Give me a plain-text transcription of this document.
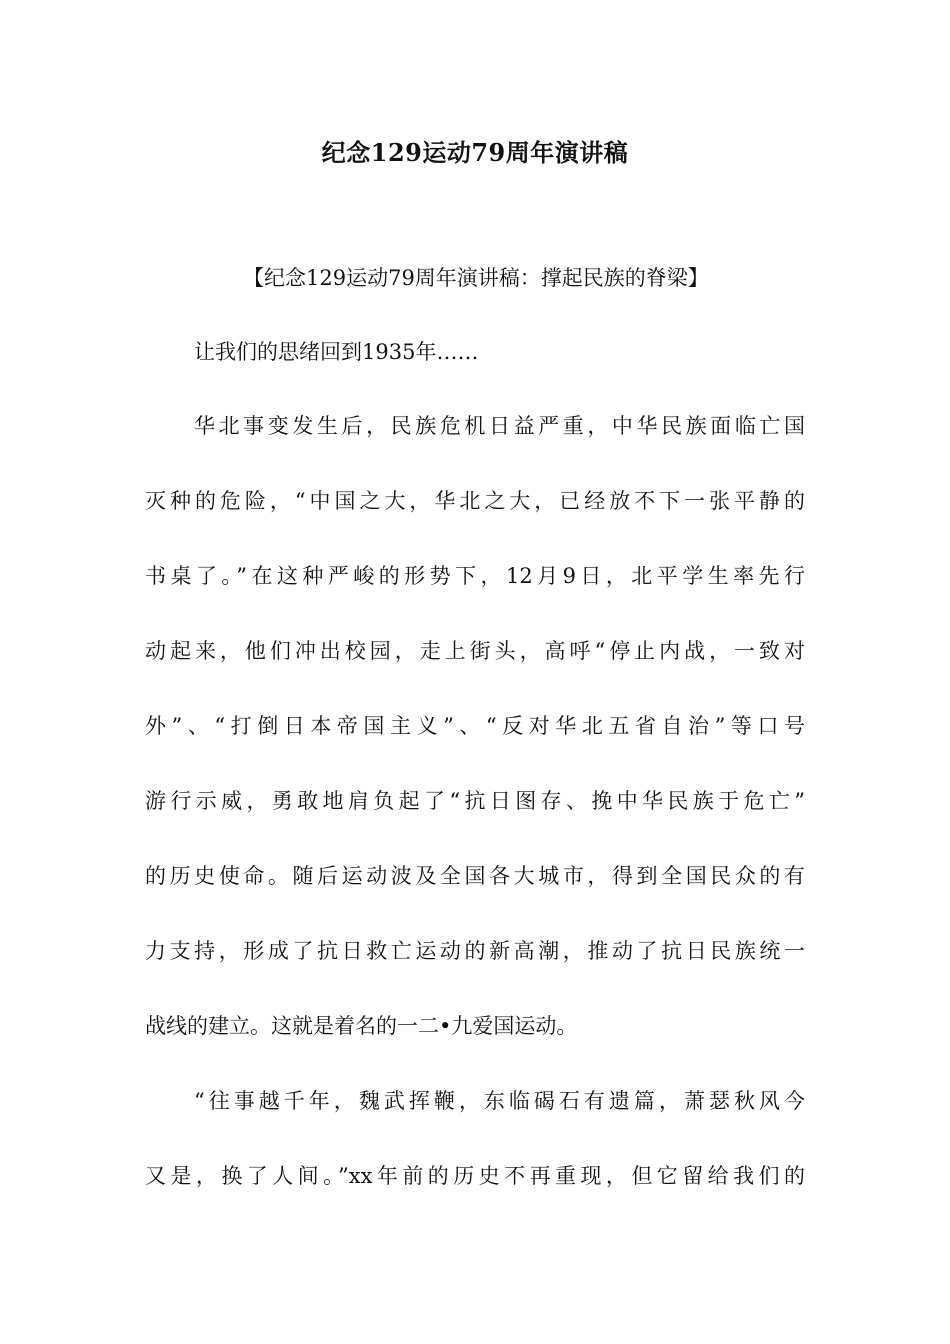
纪念129运动79周年演讲稿
【纪念129运动79周年演讲稿：撑起民族的脊梁】
让我们的思绪回到1935年……
华北事变发生后，民族危机日益严重，中华民族面临亡国
灭种的危险，“中国之大，华北之大，已经放不下一张平静的
书桌了。”在这种严峻的形势下，12月9日，北平学生率先行
动起来，他们冲出校园，走上街头，高呼“停止内战，一致对
外”、“打倒日本帝国主义”、“反对华北五省自治”等口号
游行示威，勇敢地肩负起了“抗日图存、挽中华民族于危亡”
的历史使命。随后运动波及全国各大城市，得到全国民众的有
力支持，形成了抗日救亡运动的新高潮，推动了抗日民族统一
战线的建立。这就是着名的一二•九爱国运动。
“往事越千年，魏武挥鞭，东临碣石有遗篇，萧瑟秋风今
又是，换了人间。”xx年前的历史不再重现，但它留给我们的
